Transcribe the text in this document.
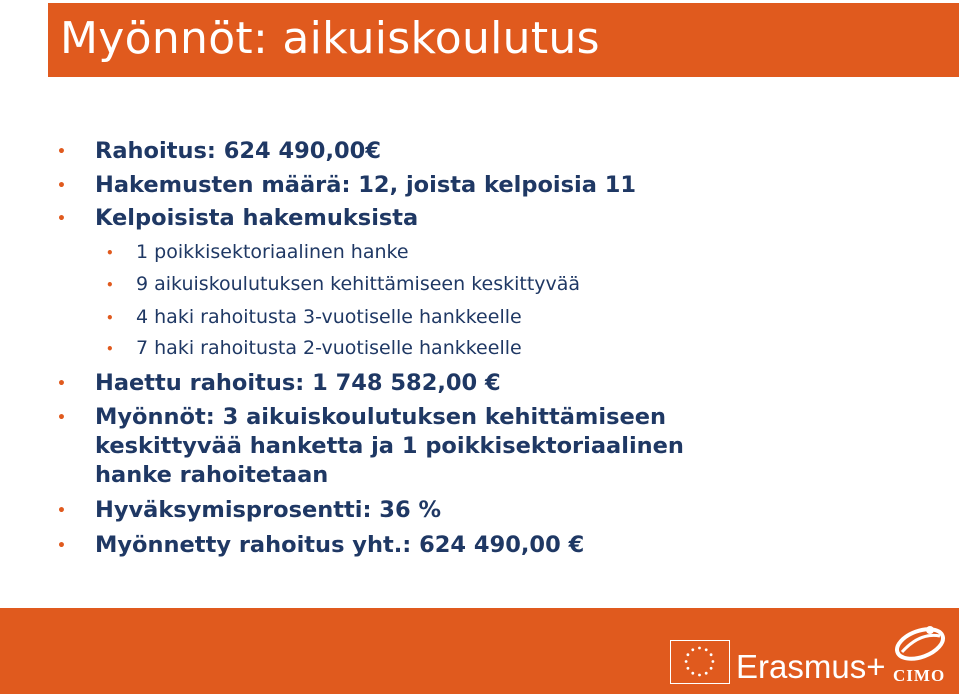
Myönnöt: aikuiskoulutus
• Rahoitus: 624 490,00€
• Hakemusten määrä: 12, joista kelpoisia 11
• Kelpoisista hakemuksista
• 1 poikkisektoriaalinen hanke
• 9 aikuiskoulutuksen kehittämiseen keskittyvää
• 4 haki rahoitusta 3-vuotiselle hankkeelle
• 7 haki rahoitusta 2-vuotiselle hankkeelle
• Haettu rahoitus: 1 748 582,00 €
• Myönnöt: 3 aikuiskoulutuksen kehittämiseen
keskittyvää hanketta ja 1 poikkisektoriaalinen
hanke rahoitetaan
• Hyväksymisprosentti: 36 %
• Myönnetty rahoitus yht.: 624 490,00 €
Erasmus+ CIMO
